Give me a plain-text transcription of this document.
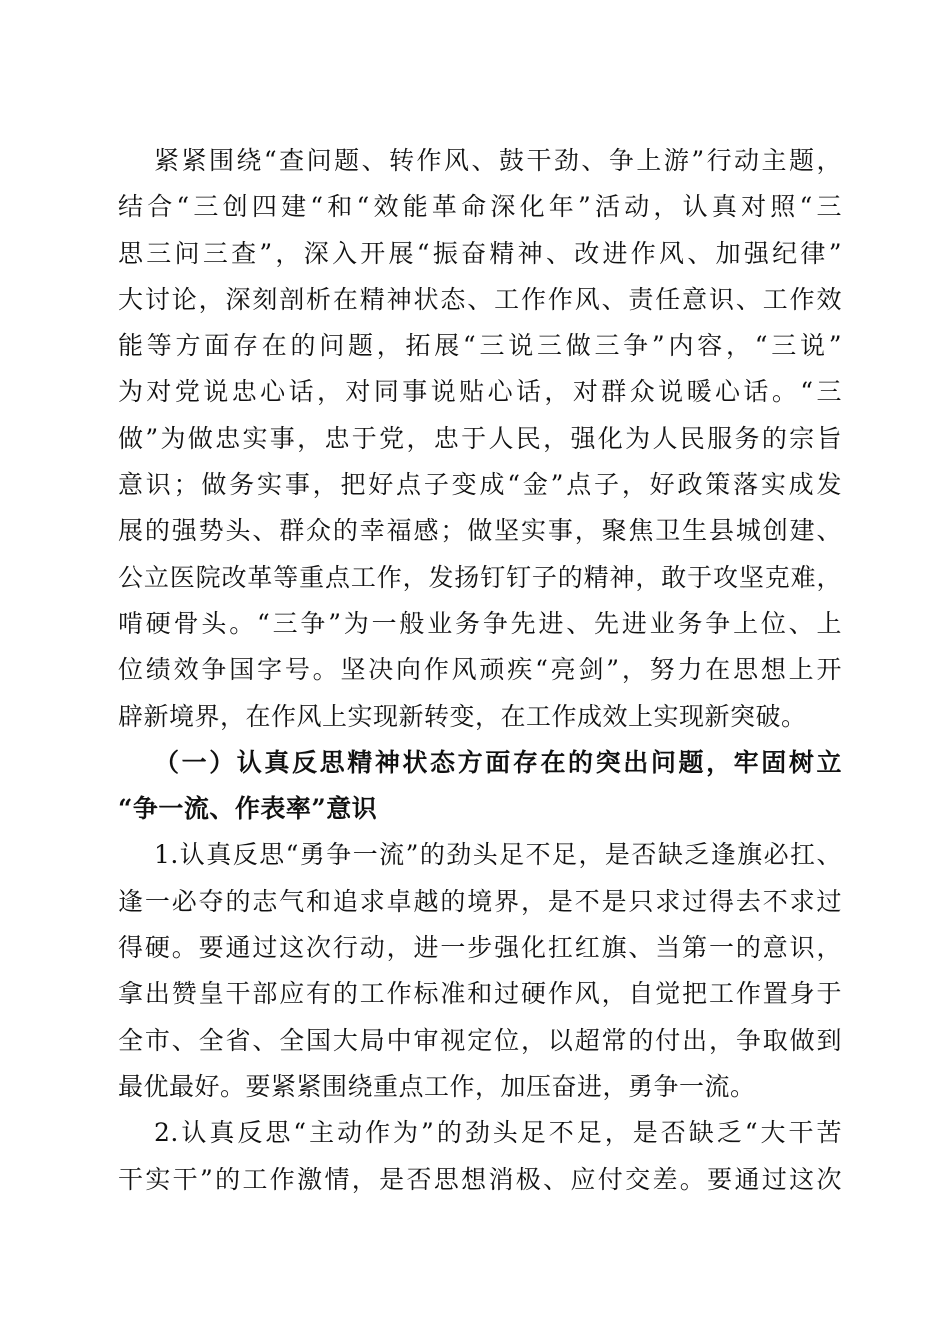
紧紧围绕“查问题、转作风、鼓干劲、争上游”行动主题，
结合“三创四建“和“效能革命深化年”活动，认真对照“三
思三问三查”，深入开展“振奋精神、改进作风、加强纪律”
大讨论，深刻剖析在精神状态、工作作风、责任意识、工作效
能等方面存在的问题，拓展“三说三做三争”内容，“三说”
为对党说忠心话，对同事说贴心话，对群众说暖心话。“三
做”为做忠实事，忠于党，忠于人民，强化为人民服务的宗旨
意识；做务实事，把好点子变成“金”点子，好政策落实成发
展的强势头、群众的幸福感；做坚实事，聚焦卫生县城创建、
公立医院改革等重点工作，发扬钉钉子的精神，敢于攻坚克难，
啃硬骨头。“三争”为一般业务争先进、先进业务争上位、上
位绩效争国字号。坚决向作风顽疾“亮剑”，努力在思想上开
辟新境界，在作风上实现新转变，在工作成效上实现新突破。
（一）认真反思精神状态方面存在的突出问题，牢固树立
“争一流、作表率”意识
1.认真反思“勇争一流”的劲头足不足，是否缺乏逢旗必扛、
逢一必夺的志气和追求卓越的境界，是不是只求过得去不求过
得硬。要通过这次行动，进一步强化扛红旗、当第一的意识，
拿出赞皇干部应有的工作标准和过硬作风，自觉把工作置身于
全市、全省、全国大局中审视定位，以超常的付出，争取做到
最优最好。要紧紧围绕重点工作，加压奋进，勇争一流。
2.认真反思“主动作为”的劲头足不足，是否缺乏“大干苦
干实干”的工作激情，是否思想消极、应付交差。要通过这次
